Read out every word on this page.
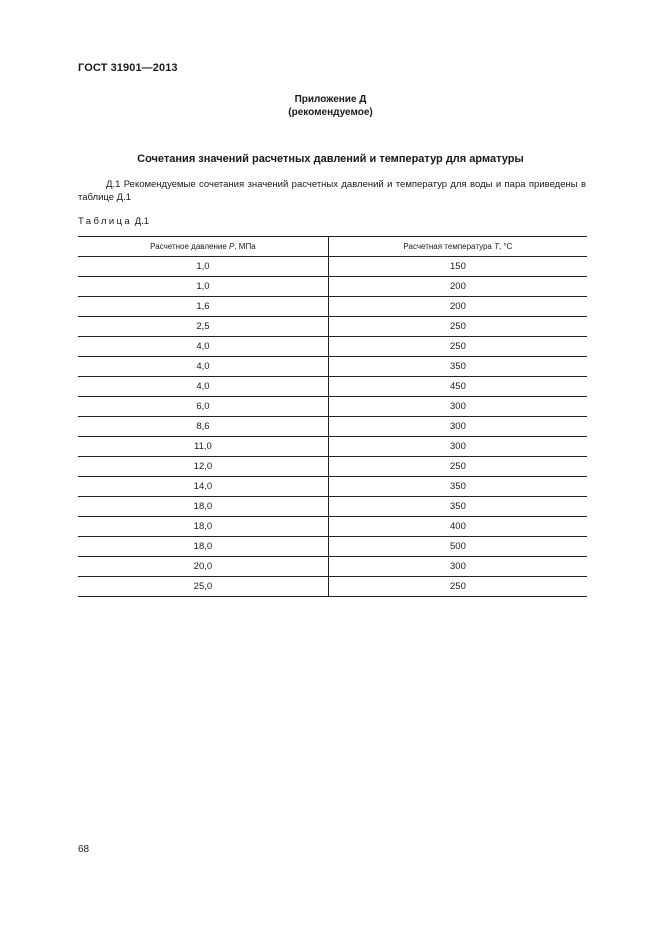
ГОСТ 31901—2013
Приложение Д
(рекомендуемое)
Сочетания значений расчетных давлений и температур для арматуры
Д.1 Рекомендуемые сочетания значений расчетных давлений и температур для воды и пара приведены в таблице Д.1
Таблица Д.1
Расчетное давление P, МПа	Расчетная температура T, °С
1,0	150
1,0	200
1,6	200
2,5	250
4,0	250
4,0	350
4,0	450
6,0	300
8,6	300
11,0	300
12,0	250
14,0	350
18,0	350
18,0	400
18,0	500
20,0	300
25,0	250
68
